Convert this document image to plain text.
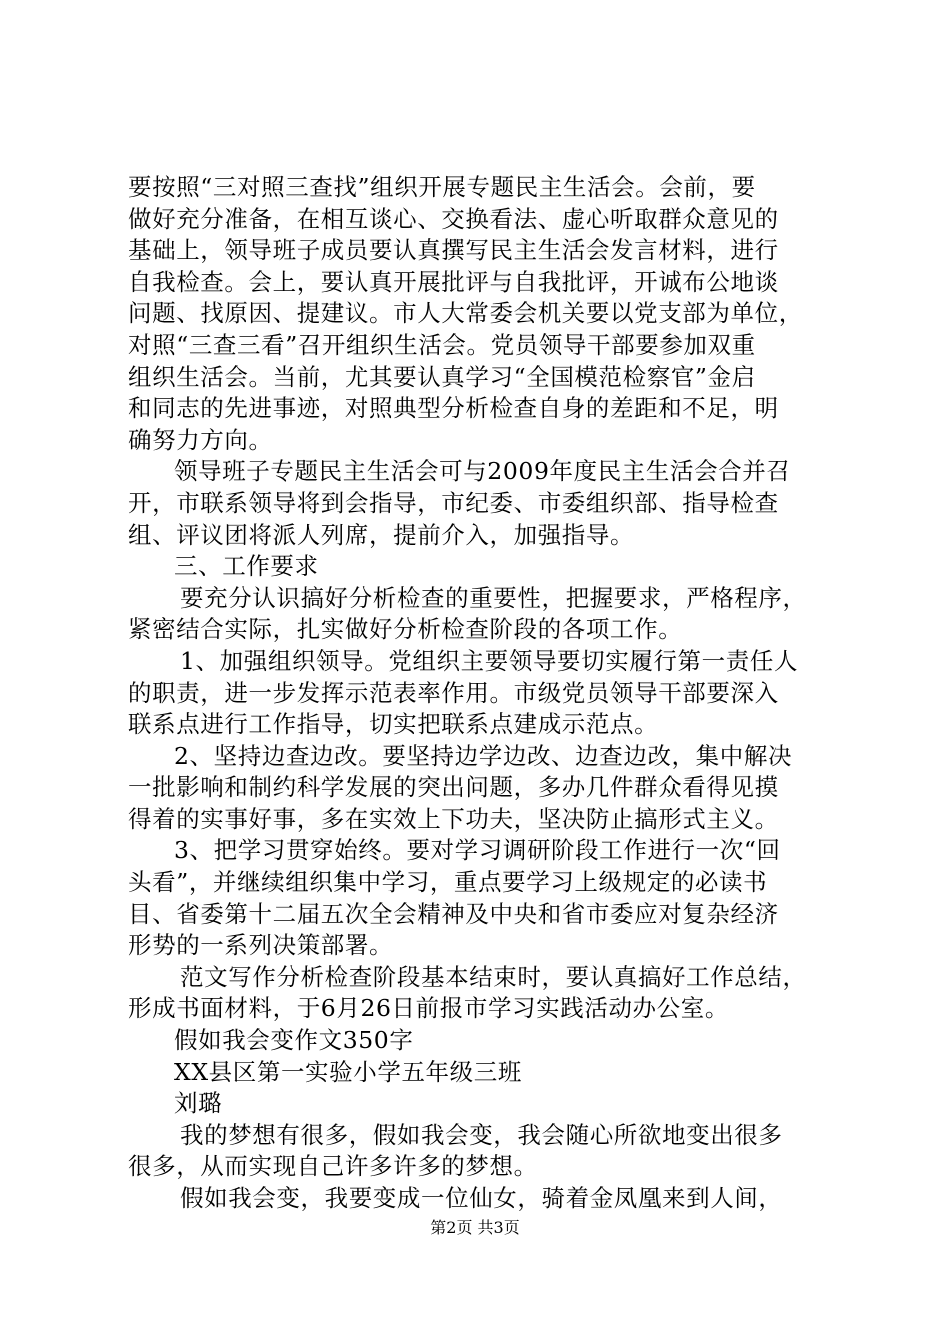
要按照“三对照三查找”组织开展专题民主生活会。会前，要
做好充分准备，在相互谈心、交换看法、虚心听取群众意见的
基础上，领导班子成员要认真撰写民主生活会发言材料，进行
自我检查。会上，要认真开展批评与自我批评，开诚布公地谈
问题、找原因、提建议。市人大常委会机关要以党支部为单位，
对照“三查三看”召开组织生活会。党员领导干部要参加双重
组织生活会。当前，尤其要认真学习“全国模范检察官”金启
和同志的先进事迹，对照典型分析检查自身的差距和不足，明
确努力方向。
领导班子专题民主生活会可与2009年度民主生活会合并召
开，市联系领导将到会指导，市纪委、市委组织部、指导检查
组、评议团将派人列席，提前介入，加强指导。
三、工作要求
要充分认识搞好分析检查的重要性，把握要求，严格程序，
紧密结合实际，扎实做好分析检查阶段的各项工作。
1、加强组织领导。党组织主要领导要切实履行第一责任人
的职责，进一步发挥示范表率作用。市级党员领导干部要深入
联系点进行工作指导，切实把联系点建成示范点。
2、坚持边查边改。要坚持边学边改、边查边改，集中解决
一批影响和制约科学发展的突出问题，多办几件群众看得见摸
得着的实事好事，多在实效上下功夫，坚决防止搞形式主义。
3、把学习贯穿始终。要对学习调研阶段工作进行一次“回
头看”，并继续组织集中学习，重点要学习上级规定的必读书
目、省委第十二届五次全会精神及中央和省市委应对复杂经济
形势的一系列决策部署。
范文写作分析检查阶段基本结束时，要认真搞好工作总结，
形成书面材料，于6月26日前报市学习实践活动办公室。
假如我会变作文350字
XX县区第一实验小学五年级三班
刘璐
我的梦想有很多，假如我会变，我会随心所欲地变出很多
很多，从而实现自己许多许多的梦想。
假如我会变，我要变成一位仙女，骑着金凤凰来到人间，
第2页 共3页
